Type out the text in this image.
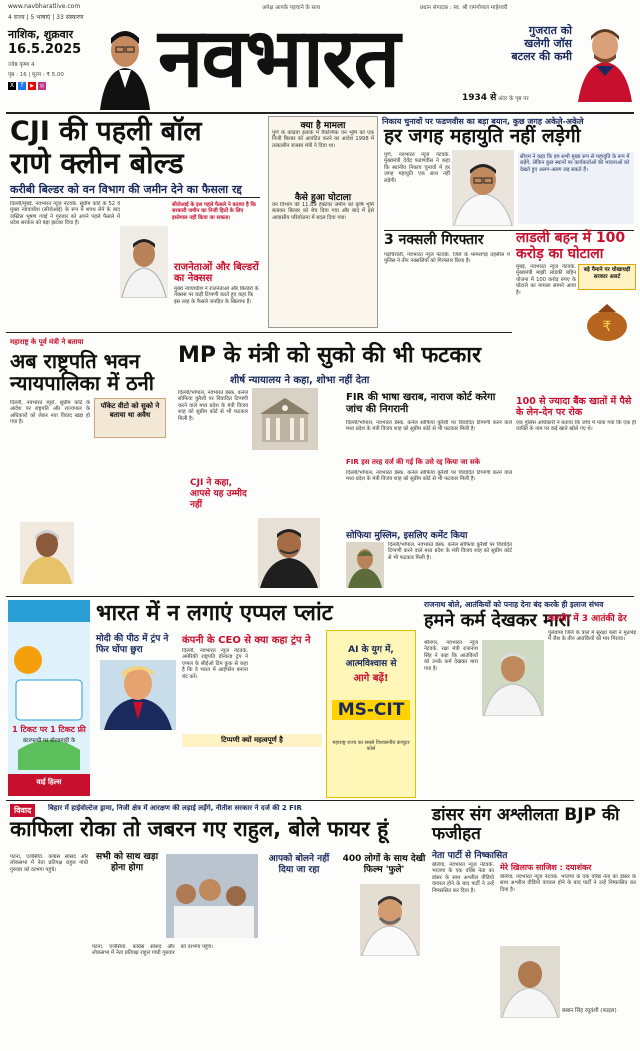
www.navbharatlive.com	अपेक्ष आपके पहचाने के साथ	प्रधान संपादक : स्व. श्री रामगोपाल माहेश्वरी
4 राज्य | 5 भाषाएं | 33 संस्करण
नाशिक, शुक्रवार
16.5.2025
ज्येष्ठ कृष्ण 4
पृष्ठ : 16 | मूल्य : ₹ 5.00
X	f	▶	◎ नवभारत	1934 से
गुजरात को खलेगी जॉस बटलर की कमी
अंदर के पृष्ठ पर
CJI की पहली बॉल
राणे क्लीन बोल्ड
करीबी बिल्डर को वन विभाग की जमीन देने का फैसला रद्द
दिल्ली/मुंबई, नवभारत न्यूज नेटवर्क. सुप्रीम कोर्ट के 52 वें मुख्य न्यायाधीश (सीजेआई) के रूप में शपथ लेने के बाद जस्टिस भूषण गवई ने गुरुवार को अपने पहले फैसले में प्रदेश सरकार को बड़ा झटका दिया है।
सीजेआई के इस पहले फैसले ने बताया है कि सरकारी जमीन का निजी हितों के लिए इस्तेमाल नहीं किया जा सकता।
राजनेताओं और बिल्डरों का नेक्सस
मुख्य न्यायाधीश ने राजनेताओं और बिल्डरों के नेक्सस पर कड़ी टिप्पणी करते हुए कहा कि इस तरह के फैसले जनहित के खिलाफ हैं।
क्या है मामला
पुणे के कोंढवा इलाके में वैकल्पिक वन भूमि को एक निजी बिल्डर को आवंटित करने का आदेश 1998 में तत्कालीन राजस्व मंत्री ने दिया था।
कैसे हुआ घोटाला
वन विभाग की 11.89 हेक्टेयर जमीन को कृषि भूमि बताकर बिल्डर को बेच दिया गया और बाद में इसे आवासीय परियोजना में बदल दिया गया।
निकाय चुनावों पर फडणवीस का बड़ा बयान, कुछ जगह अकेले-अकेले
हर जगह महायुति नहीं लड़ेगी
पुणे, नवभारत न्यूज नेटवर्क. मुख्यमंत्री देवेंद्र फडणवीस ने कहा कि स्थानीय निकाय चुनावों में हर जगह महायुति एक साथ नहीं लड़ेगी।
सीएम ने कहा कि हम सभी मुख्य रूप से महायुति के रूप में लड़ेंगे, लेकिन कुछ स्थानों पर कार्यकर्ताओं की भावनाओं को देखते हुए अलग-अलग लड़ सकते हैं।
3 नक्सली गिरफ्तार
गढ़चिरोली, नवभारत न्यूज नेटवर्क. जिले के भामरागड़ तहसील में पुलिस ने तीन नक्सलियों को गिरफ्तार किया है।
लाडली बहन में 100 करोड़ का घोटाला
मुंबई, नवभारत न्यूज नेटवर्क. मुख्यमंत्री माझी लाडकी बहिन योजना में 100 करोड़ रुपए के घोटाले का मामला सामने आया है।
बड़े पैमाने पर धोखाधड़ी सरकार अलर्ट
₹
100 से ज्यादा बैंक खातों में पैसे के लेन-देन पर रोक
एक पुलिस अधिकारी ने बताया कि जांच में पाया गया कि एक ही व्यक्ति के नाम पर कई खाते खोले गए थे।
महाराष्ट्र के पूर्व मंत्री ने बताया
अब राष्ट्रपति भवन न्यायपालिका में ठनी
दिल्ली, नवभारत ब्यूरो. सुप्रीम कोर्ट के आदेश पर राष्ट्रपति और राज्यपाल के अधिकारों को लेकर नया विवाद खड़ा हो गया है।
पॉकेट वीटो को सुको ने बताया था अवैध
MP के मंत्री को सुको की भी फटकार
शीर्ष न्यायालय ने कहा, शोभा नहीं देता
दिल्ली/भोपाल, नवभारत डेस्क. कर्नल सोफिया कुरैशी पर विवादित टिप्पणी करने वाले मध्य प्रदेश के मंत्री विजय शाह को सुप्रीम कोर्ट से भी फटकार मिली है।
CJI ने कहा, आपसे यह उम्मीद नहीं
FIR की भाषा खराब, नाराज कोर्ट करेगा जांच की निगरानी
दिल्ली/भोपाल, नवभारत डेस्क. कर्नल सोफिया कुरैशी पर विवादित टिप्पणी करने वाले मध्य प्रदेश के मंत्री विजय शाह को सुप्रीम कोर्ट से भी फटकार मिली है।
FIR इस तरह दर्ज की गई कि उसे रद्द किया जा सके
दिल्ली/भोपाल, नवभारत डेस्क. कर्नल सोफिया कुरैशी पर विवादित टिप्पणी करने वाले मध्य प्रदेश के मंत्री विजय शाह को सुप्रीम कोर्ट से भी फटकार मिली है।
सोफिया मुस्लिम, इसलिए कमेंट किया
दिल्ली/भोपाल, नवभारत डेस्क. कर्नल सोफिया कुरैशी पर विवादित टिप्पणी करने वाले मध्य प्रदेश के मंत्री विजय शाह को सुप्रीम कोर्ट से भी फटकार मिली है।
1 टिकट पर 1 टिकट फ्री
बंटरफायी पर बोल्डमाट्टी के
वाई हिल्स
भारत में न लगाएं एप्पल प्लांट
मोदी की पीठ में ट्रंप ने फिर घोंपा छुरा
कंपनी के CEO से क्या कहा ट्रंप ने
दिल्ली, नवभारत न्यूज नेटवर्क. अमेरिकी राष्ट्रपति डोनाल्ड ट्रंप ने एप्पल के सीईओ टिम कुक से कहा है कि वे भारत में आईफोन बनाना बंद करें।
टिप्पणी क्यों महत्वपूर्ण है
AI के युग में,
आत्मविश्वास से
आगे बढ़ें!
MS-CIT
महाराष्ट्र राज्य का सबसे विश्वसनीय कंप्यूटर कोर्स
राजनाथ बोले, आतंकियों को पनाह देना बंद करके ही इलाज संभव
हमने कर्म देखकर मारा
श्रीनगर, नवभारत न्यूज नेटवर्क. रक्षा मंत्री राजनाथ सिंह ने कहा कि आतंकियों को उनके कर्म देखकर मारा गया है।
कश्मीर में 3 आतंकी ढेर
पुलवामा जिले के त्राल में सुरक्षा बलों ने मुठभेड़ में जैश के तीन आतंकियों को मार गिराया।
विवाद	बिहार में हाईवोल्टेज ड्रामा, निजी क्षेत्र में आरक्षण की लड़ाई लड़ेंगे, नीतीश सरकार ने दर्ज की 2 FIR
काफिला रोका तो जबरन गए राहुल, बोले फायर हूं
पटना, एजेंसियां. कांग्रेस सांसद और लोकसभा में नेता प्रतिपक्ष राहुल गांधी गुरुवार को दरभंगा पहुंचे।
सभी को साथ खड़ा होना होगा
आपको बोलने नहीं दिया जा रहा
400 लोगों के साथ देखी फिल्म 'फुले'
पटना, एजेंसियां. कांग्रेस सांसद और लोकसभा में नेता प्रतिपक्ष राहुल गांधी गुरुवार को दरभंगा पहुंचे।
डांसर संग अश्लीलता BJP की फजीहत
नेता पार्टी से निष्कासित
बलिया, नवभारत न्यूज नेटवर्क. भाजपा के एक वरिष्ठ नेता का डांसर के साथ अश्लील वीडियो वायरल होने के बाद पार्टी ने उन्हें निष्कासित कर दिया है।
मेरे खिलाफ साजिश : दयाशंकर
बलिया, नवभारत न्यूज नेटवर्क. भाजपा के एक वरिष्ठ नेता का डांसर के साथ अश्लील वीडियो वायरल होने के बाद पार्टी ने उन्हें निष्कासित कर दिया है।
बब्बन सिंह रघुवंशी (फाइल)
